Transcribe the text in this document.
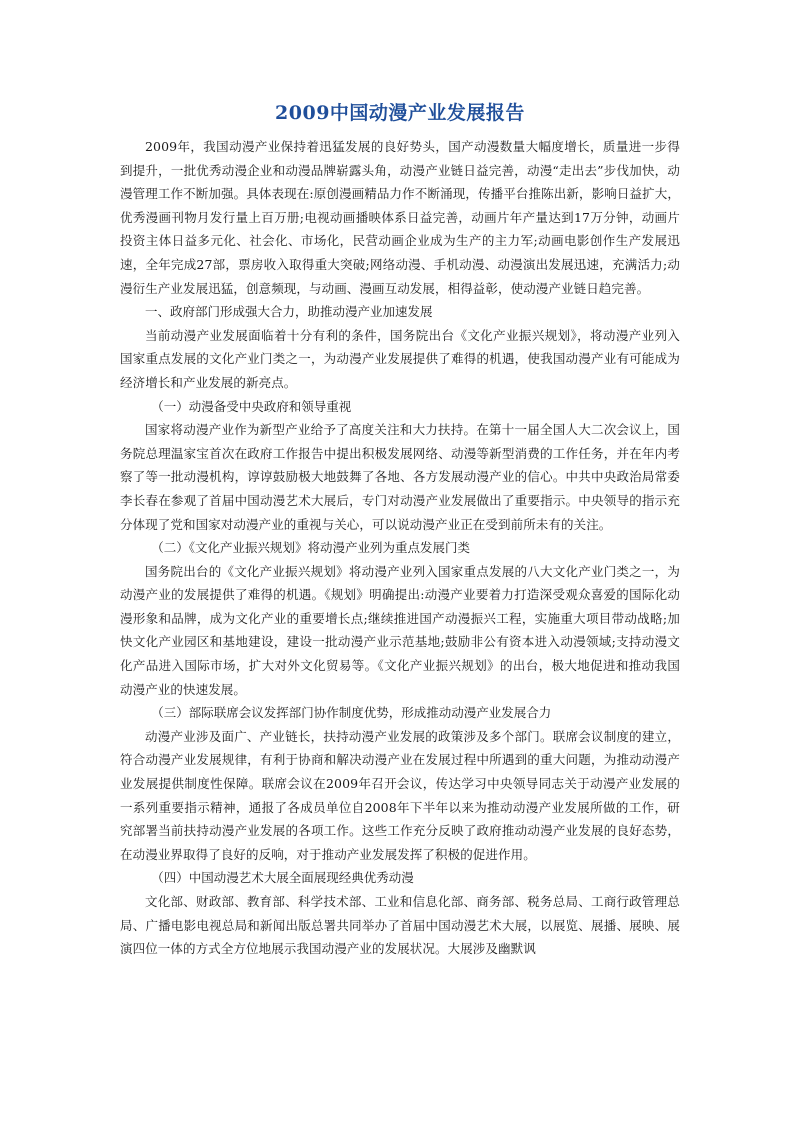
2009中国动漫产业发展报告

2009年，我国动漫产业保持着迅猛发展的良好势头，国产动漫数量大幅度增长，质量进一步得到提升，一批优秀动漫企业和动漫品牌崭露头角，动漫产业链日益完善，动漫“走出去”步伐加快，动漫管理工作不断加强。具体表现在:原创漫画精品力作不断涌现，传播平台推陈出新，影响日益扩大，优秀漫画刊物月发行量上百万册;电视动画播映体系日益完善，动画片年产量达到17万分钟，动画片投资主体日益多元化、社会化、市场化，民营动画企业成为生产的主力军;动画电影创作生产发展迅速，全年完成27部，票房收入取得重大突破;网络动漫、手机动漫、动漫演出发展迅速，充满活力;动漫衍生产业发展迅猛，创意频现，与动画、漫画互动发展，相得益彰，使动漫产业链日趋完善。

一、政府部门形成强大合力，助推动漫产业加速发展

当前动漫产业发展面临着十分有利的条件，国务院出台《文化产业振兴规划》，将动漫产业列入国家重点发展的文化产业门类之一，为动漫产业发展提供了难得的机遇，使我国动漫产业有可能成为经济增长和产业发展的新亮点。

（一）动漫备受中央政府和领导重视

国家将动漫产业作为新型产业给予了高度关注和大力扶持。在第十一届全国人大二次会议上，国务院总理温家宝首次在政府工作报告中提出积极发展网络、动漫等新型消费的工作任务，并在年内考察了等一批动漫机构，谆谆鼓励极大地鼓舞了各地、各方发展动漫产业的信心。中共中央政治局常委李长春在参观了首届中国动漫艺术大展后，专门对动漫产业发展做出了重要指示。中央领导的指示充分体现了党和国家对动漫产业的重视与关心，可以说动漫产业正在受到前所未有的关注。

（二）《文化产业振兴规划》将动漫产业列为重点发展门类

国务院出台的《文化产业振兴规划》将动漫产业列入国家重点发展的八大文化产业门类之一，为动漫产业的发展提供了难得的机遇。《规划》明确提出:动漫产业要着力打造深受观众喜爱的国际化动漫形象和品牌，成为文化产业的重要增长点;继续推进国产动漫振兴工程，实施重大项目带动战略;加快文化产业园区和基地建设，建设一批动漫产业示范基地;鼓励非公有资本进入动漫领域;支持动漫文化产品进入国际市场，扩大对外文化贸易等。《文化产业振兴规划》的出台，极大地促进和推动我国动漫产业的快速发展。

（三）部际联席会议发挥部门协作制度优势，形成推动动漫产业发展合力

动漫产业涉及面广、产业链长，扶持动漫产业发展的政策涉及多个部门。联席会议制度的建立，符合动漫产业发展规律，有利于协商和解决动漫产业在发展过程中所遇到的重大问题，为推动动漫产业发展提供制度性保障。联席会议在2009年召开会议，传达学习中央领导同志关于动漫产业发展的一系列重要指示精神，通报了各成员单位自2008年下半年以来为推动动漫产业发展所做的工作，研究部署当前扶持动漫产业发展的各项工作。这些工作充分反映了政府推动动漫产业发展的良好态势，在动漫业界取得了良好的反响，对于推动产业发展发挥了积极的促进作用。

（四）中国动漫艺术大展全面展现经典优秀动漫

文化部、财政部、教育部、科学技术部、工业和信息化部、商务部、税务总局、工商行政管理总局、广播电影电视总局和新闻出版总署共同举办了首届中国动漫艺术大展，以展览、展播、展映、展演四位一体的方式全方位地展示我国动漫产业的发展状况。大展涉及幽默讽
